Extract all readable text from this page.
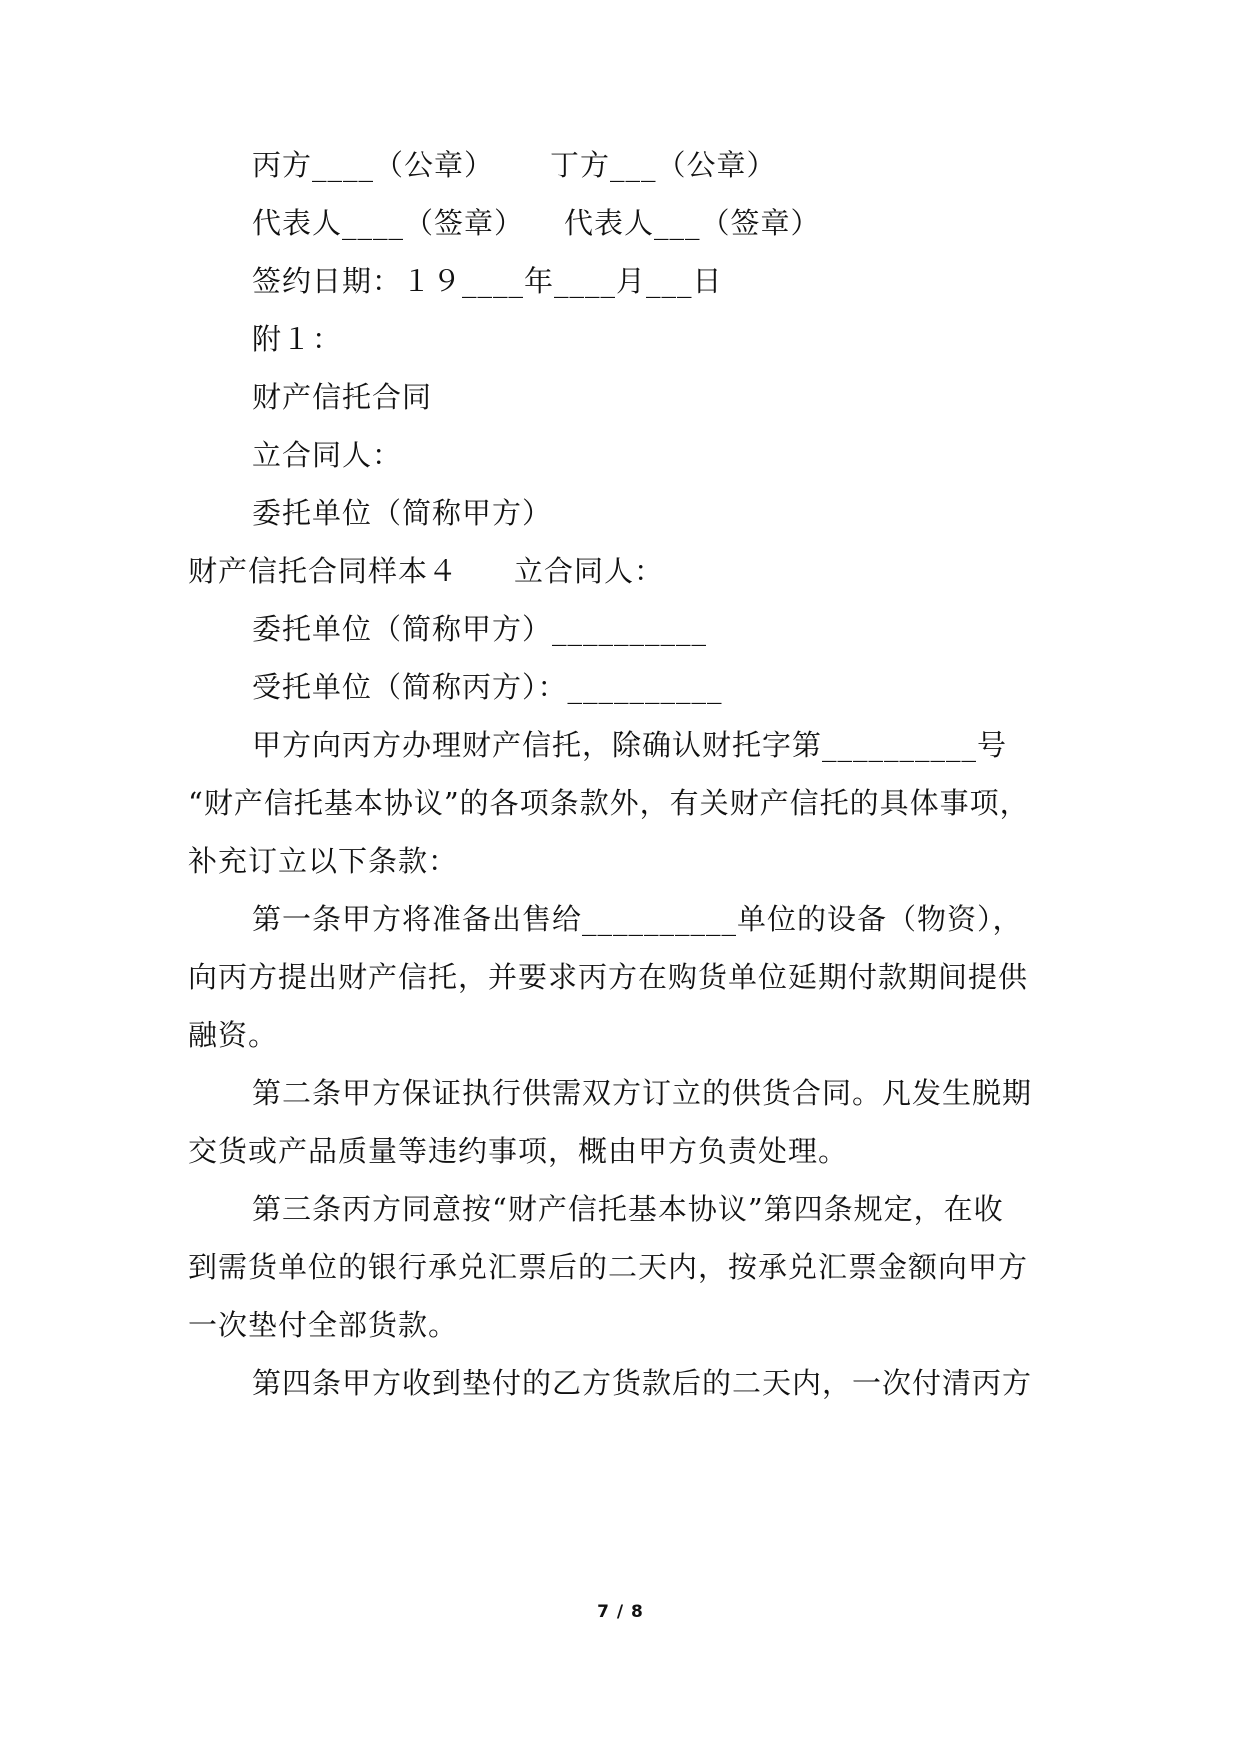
丙方____（公章） 丁方___（公章）
代表人____（签章） 代表人___（签章）
签约日期：１９____年____月___日
附１：
财产信托合同
立合同人：
委托单位（简称甲方）
财产信托合同样本４ 立合同人：
委托单位（简称甲方）__________
受托单位（简称丙方）：__________
甲方向丙方办理财产信托，除确认财托字第__________号
“财产信托基本协议”的各项条款外，有关财产信托的具体事项，
补充订立以下条款：
第一条甲方将准备出售给__________单位的设备（物资），
向丙方提出财产信托，并要求丙方在购货单位延期付款期间提供
融资。
第二条甲方保证执行供需双方订立的供货合同。凡发生脱期
交货或产品质量等违约事项，概由甲方负责处理。
第三条丙方同意按“财产信托基本协议”第四条规定，在收
到需货单位的银行承兑汇票后的二天内，按承兑汇票金额向甲方
一次垫付全部货款。
第四条甲方收到垫付的乙方货款后的二天内，一次付清丙方
7 / 8
